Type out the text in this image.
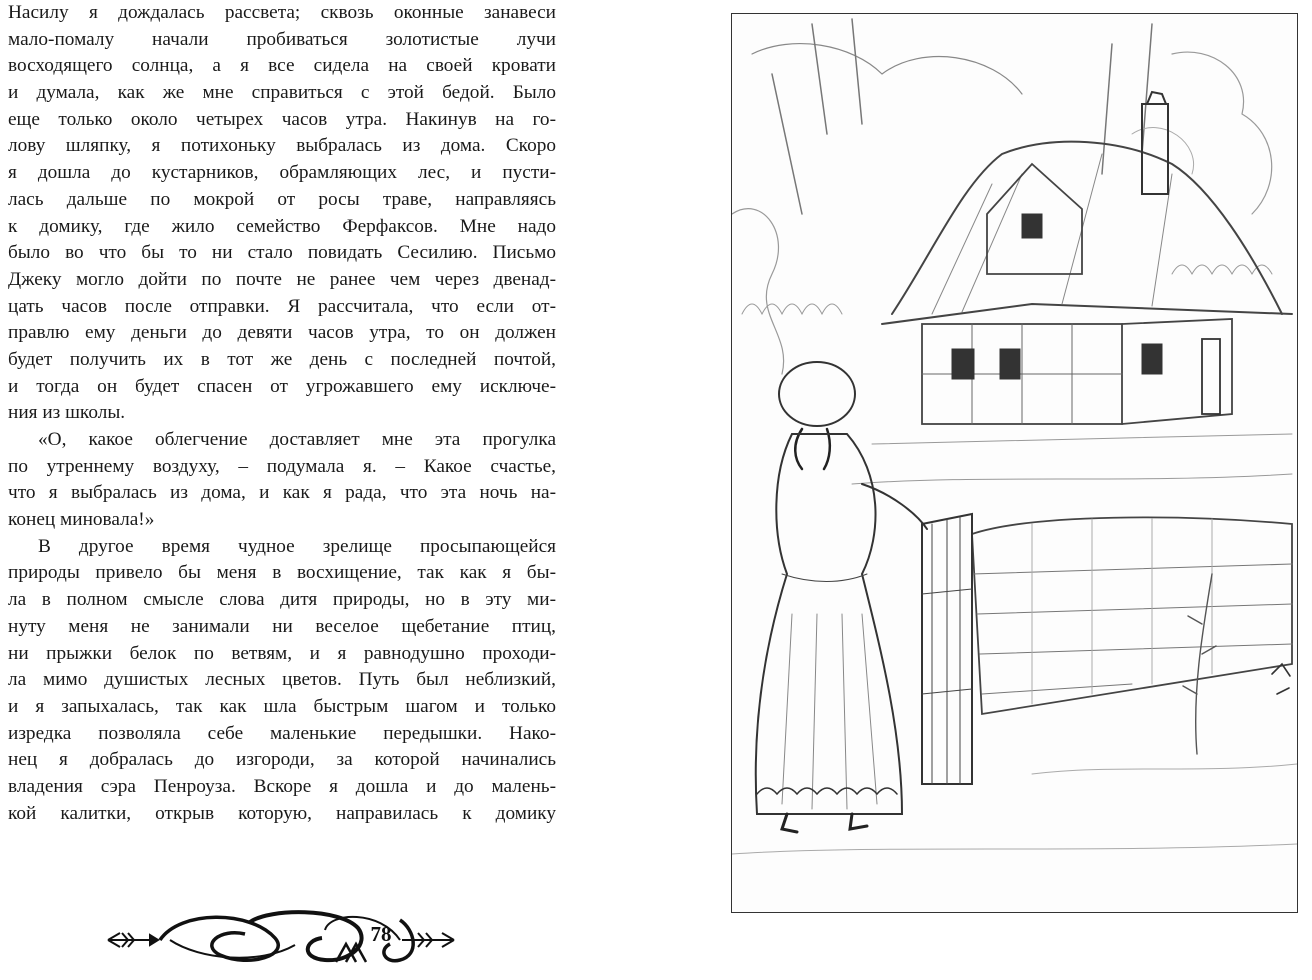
Насилу я дождалась рассвета; сквозь оконные занавеси
мало-помалу начали пробиваться золотистые лучи
восходящего солнца, а я все сидела на своей кровати
и думала, как же мне справиться с этой бедой. Было
еще только около четырех часов утра. Накинув на го-
лову шляпку, я потихоньку выбралась из дома. Скоро
я дошла до кустарников, обрамляющих лес, и пусти-
лась дальше по мокрой от росы траве, направляясь
к домику, где жило семейство Ферфаксов. Мне надо
было во что бы то ни стало повидать Сесилию. Письмо
Джеку могло дойти по почте не ранее чем через двенад-
цать часов после отправки. Я рассчитала, что если от-
правлю ему деньги до девяти часов утра, то он должен
будет получить их в тот же день с последней почтой,
и тогда он будет спасен от угрожавшего ему исключе-
ния из школы.
«О, какое облегчение доставляет мне эта прогулка
по утреннему воздуху, – подумала я. – Какое счастье,
что я выбралась из дома, и как я рада, что эта ночь на-
конец миновала!»
В другое время чудное зрелище просыпающейся
природы привело бы меня в восхищение, так как я бы-
ла в полном смысле слова дитя природы, но в эту ми-
нуту меня не занимали ни веселое щебетание птиц,
ни прыжки белок по ветвям, и я равнодушно проходи-
ла мимо душистых лесных цветов. Путь был неблизкий,
и я запыхалась, так как шла быстрым шагом и только
изредка позволяла себе маленькие передышки. Нако-
нец я добралась до изгороди, за которой начинались
владения сэра Пенроуза. Вскоре я дошла и до малень-
кой калитки, открыв которую, направилась к домику
78
